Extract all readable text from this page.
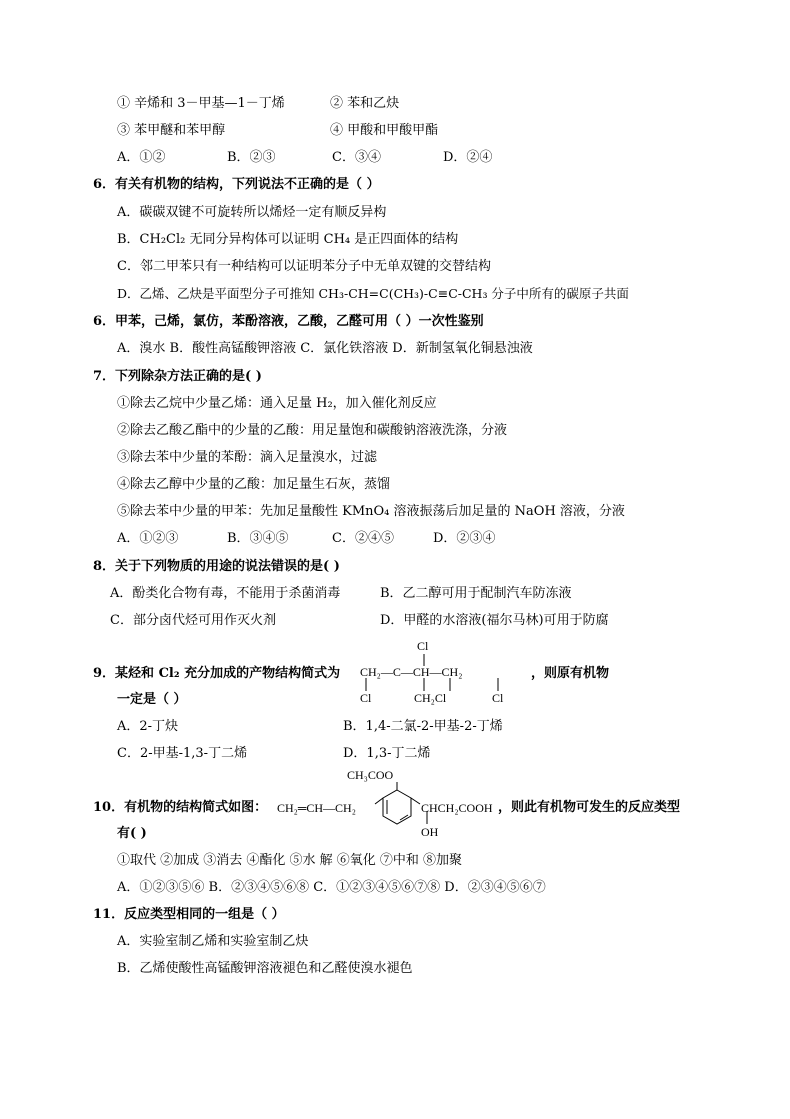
① 辛烯和 3－甲基—1－丁烯	② 苯和乙炔
③ 苯甲醚和苯甲醇	④ 甲酸和甲酸甲酯
A．①②	B．②③	C．③④	D．②④
6．有关有机物的结构，下列说法不正确的是（ ）
A．碳碳双键不可旋转所以烯烃一定有顺反异构
B．CH₂Cl₂ 无同分异构体可以证明 CH₄ 是正四面体的结构
C．邻二甲苯只有一种结构可以证明苯分子中无单双键的交替结构
D．乙烯、乙炔是平面型分子可推知 CH₃-CH=C(CH₃)-C≡C-CH₃ 分子中所有的碳原子共面
6．甲苯，己烯，氯仿，苯酚溶液，乙酸，乙醛可用（ ）一次性鉴别
A．溴水 B．酸性高锰酸钾溶液 C．氯化铁溶液 D．新制氢氧化铜悬浊液
7．下列除杂方法正确的是( )
①除去乙烷中少量乙烯：通入足量 H₂，加入催化剂反应
②除去乙酸乙酯中的少量的乙酸：用足量饱和碳酸钠溶液洗涤，分液
③除去苯中少量的苯酚：滴入足量溴水，过滤
④除去乙醇中少量的乙酸：加足量生石灰，蒸馏
⑤除去苯中少量的甲苯：先加足量酸性 KMnO₄ 溶液振荡后加足量的 NaOH 溶液，分液
A．①②③	B．③④⑤	C．②④⑤	D．②③④
8．关于下列物质的用途的说法错误的是( )
A．酚类化合物有毒，不能用于杀菌消毒	B．乙二醇可用于配制汽车防冻液
C．部分卤代烃可用作灭火剂	D．甲醛的水溶液(福尔马林)可用于防腐
9．某烃和 Cl₂ 充分加成的产物结构简式为
Cl
CH₂—C—CH—CH₂
Cl	CH₂Cl	Cl
，则原有机物
一定是（ ）
A．2-丁炔	B．1,4-二氯-2-甲基-2-丁烯
C．2-甲基-1,3-丁二烯	D．1,3-丁二烯
10．有机物的结构简式如图：
CH₃COO
CH₂═CH—CH₂	CHCH₂COOH
OH
，则此有机物可发生的反应类型
有( )
①取代 ②加成 ③消去 ④酯化 ⑤水 解 ⑥氧化 ⑦中和 ⑧加聚
A．①②③⑤⑥ B．②③④⑤⑥⑧ C．①②③④⑤⑥⑦⑧ D．②③④⑤⑥⑦
11．反应类型相同的一组是（ ）
A．实验室制乙烯和实验室制乙炔
B．乙烯使酸性高锰酸钾溶液褪色和乙醛使溴水褪色
